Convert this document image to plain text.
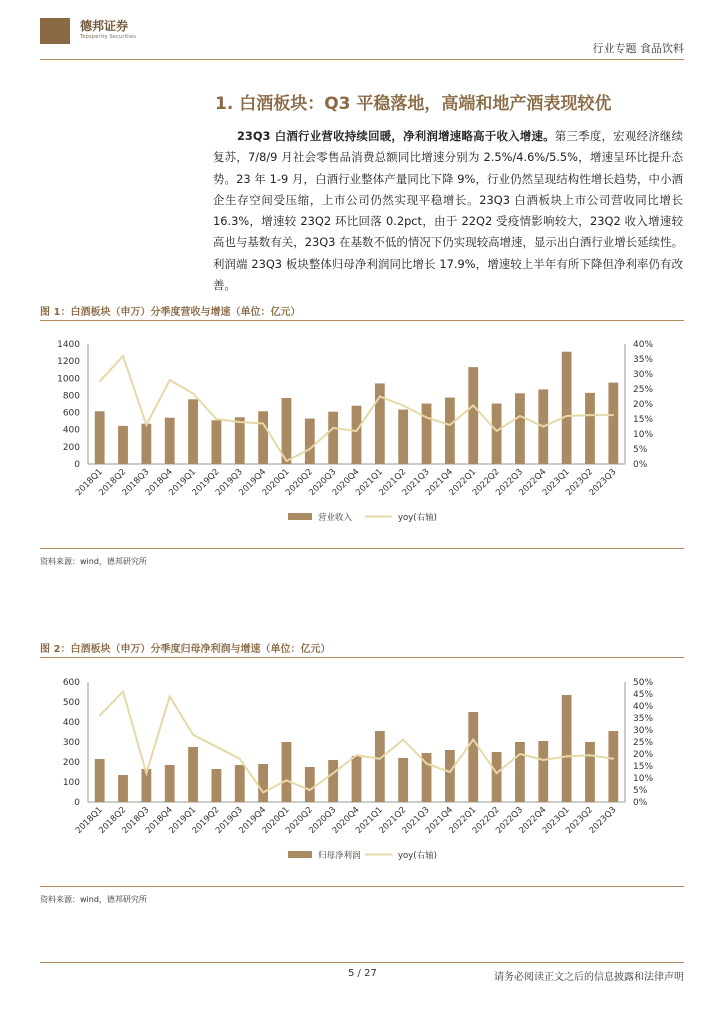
德邦证券
Topsperity Securities
行业专题 食品饮料
1. 白酒板块：Q3 平稳落地，高端和地产酒表现较优
23Q3 白酒行业营收持续回暖，净利润增速略高于收入增速。第三季度，宏观经济继续复苏，7/8/9 月社会零售品消费总额同比增速分别为 2.5%/4.6%/5.5%，增速呈环比提升态势。23 年 1-9 月，白酒行业整体产量同比下降 9%，行业仍然呈现结构性增长趋势，中小酒企生存空间受压缩，上市公司仍然实现平稳增长。23Q3 白酒板块上市公司营收同比增长 16.3%，增速较 23Q2 环比回落 0.2pct，由于 22Q2 受疫情影响较大，23Q2 收入增速较高也与基数有关，23Q3 在基数不低的情况下仍实现较高增速，显示出白酒行业增长延续性。利润端 23Q3 板块整体归母净利润同比增长 17.9%，增速较上半年有所下降但净利率仍有改善。
图 1：白酒板块（申万）分季度营收与增速（单位：亿元）
0
200
400
600
800
1000
1200
1400
0%
5%
10%
15%
20%
25%
30%
35%
40%
2018Q1
2018Q2
2018Q3
2018Q4
2019Q1
2019Q2
2019Q3
2019Q4
2020Q1
2020Q2
2020Q3
2020Q4
2021Q1
2021Q2
2021Q3
2021Q4
2022Q1
2022Q2
2022Q3
2022Q4
2023Q1
2023Q2
2023Q3
营业收入	yoy(右轴)
资料来源：wind，德邦研究所
图 2：白酒板块（申万）分季度归母净利润与增速（单位：亿元）
0
100
200
300
400
500
600
0%
5%
10%
15%
20%
25%
30%
35%
40%
45%
50%
2018Q1
2018Q2
2018Q3
2018Q4
2019Q1
2019Q2
2019Q3
2019Q4
2020Q1
2020Q2
2020Q3
2020Q4
2021Q1
2021Q2
2021Q3
2021Q4
2022Q1
2022Q2
2022Q3
2022Q4
2023Q1
2023Q2
2023Q3
归母净利润	yoy(右轴)
资料来源：wind，德邦研究所
5 / 27	请务必阅读正文之后的信息披露和法律声明
